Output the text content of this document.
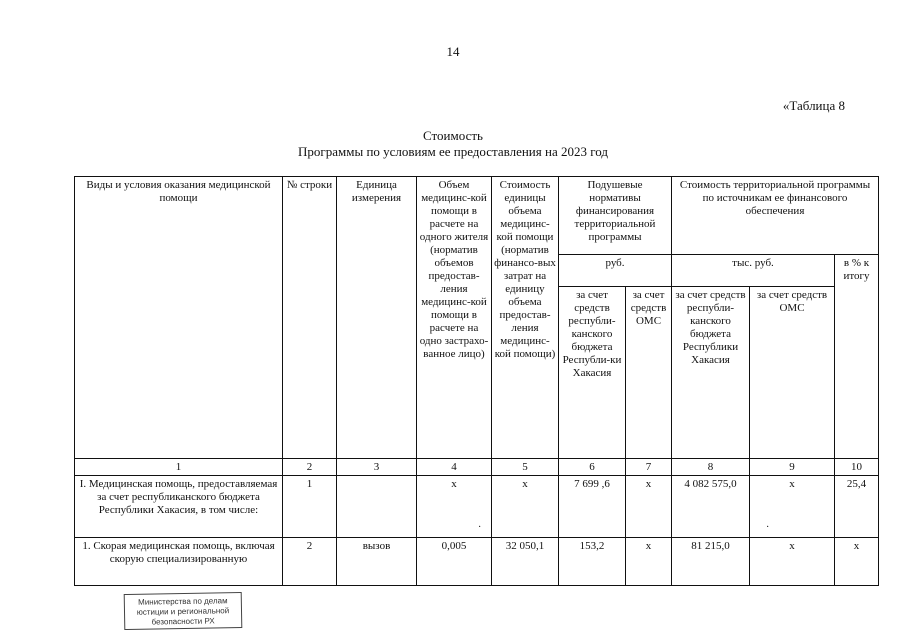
14
«Таблица 8
Стоимость
Программы по условиям ее предоставления на 2023 год
Виды и условия оказания медицинской помощи	№ строки	Единица измерения	Объем медицинс-кой помощи в расчете на одного жителя (норматив объемов предостав-ления медицинс-кой помощи в расчете на одно застрахо-ванное лицо)	Стоимость единицы объема медицинс-кой помощи (норматив финансо-вых затрат на единицу объема предостав-ления медицинс-кой помощи)	Подушевые нормативы финансирования территориальной программы		Стоимость территориальной программы по источникам ее финансового обеспечения		
					руб.		тыс. руб.		в % к итогу
					за счет средств республи-канского бюджета Республи-ки Хакасия	за счет средств ОМС	за счет средств республи-канского бюджета Республики Хакасия	за счет средств ОМС	
1	2	3	4	5	6	7	8	9	10
I. Медицинская помощь, предоставляемая за счет республиканского бюджета Республики Хакасия, в том числе:	1		х	х	7 699 ,6	х	4 082 575,0	х	25,4
1. Скорая медицинская помощь, включая скорую специализированную	2	вызов	0,005	32 050,1	153,2	х	81 215,0	х	х
·	·
Министерства по делам
юстиции и региональной
безопасности РХ
